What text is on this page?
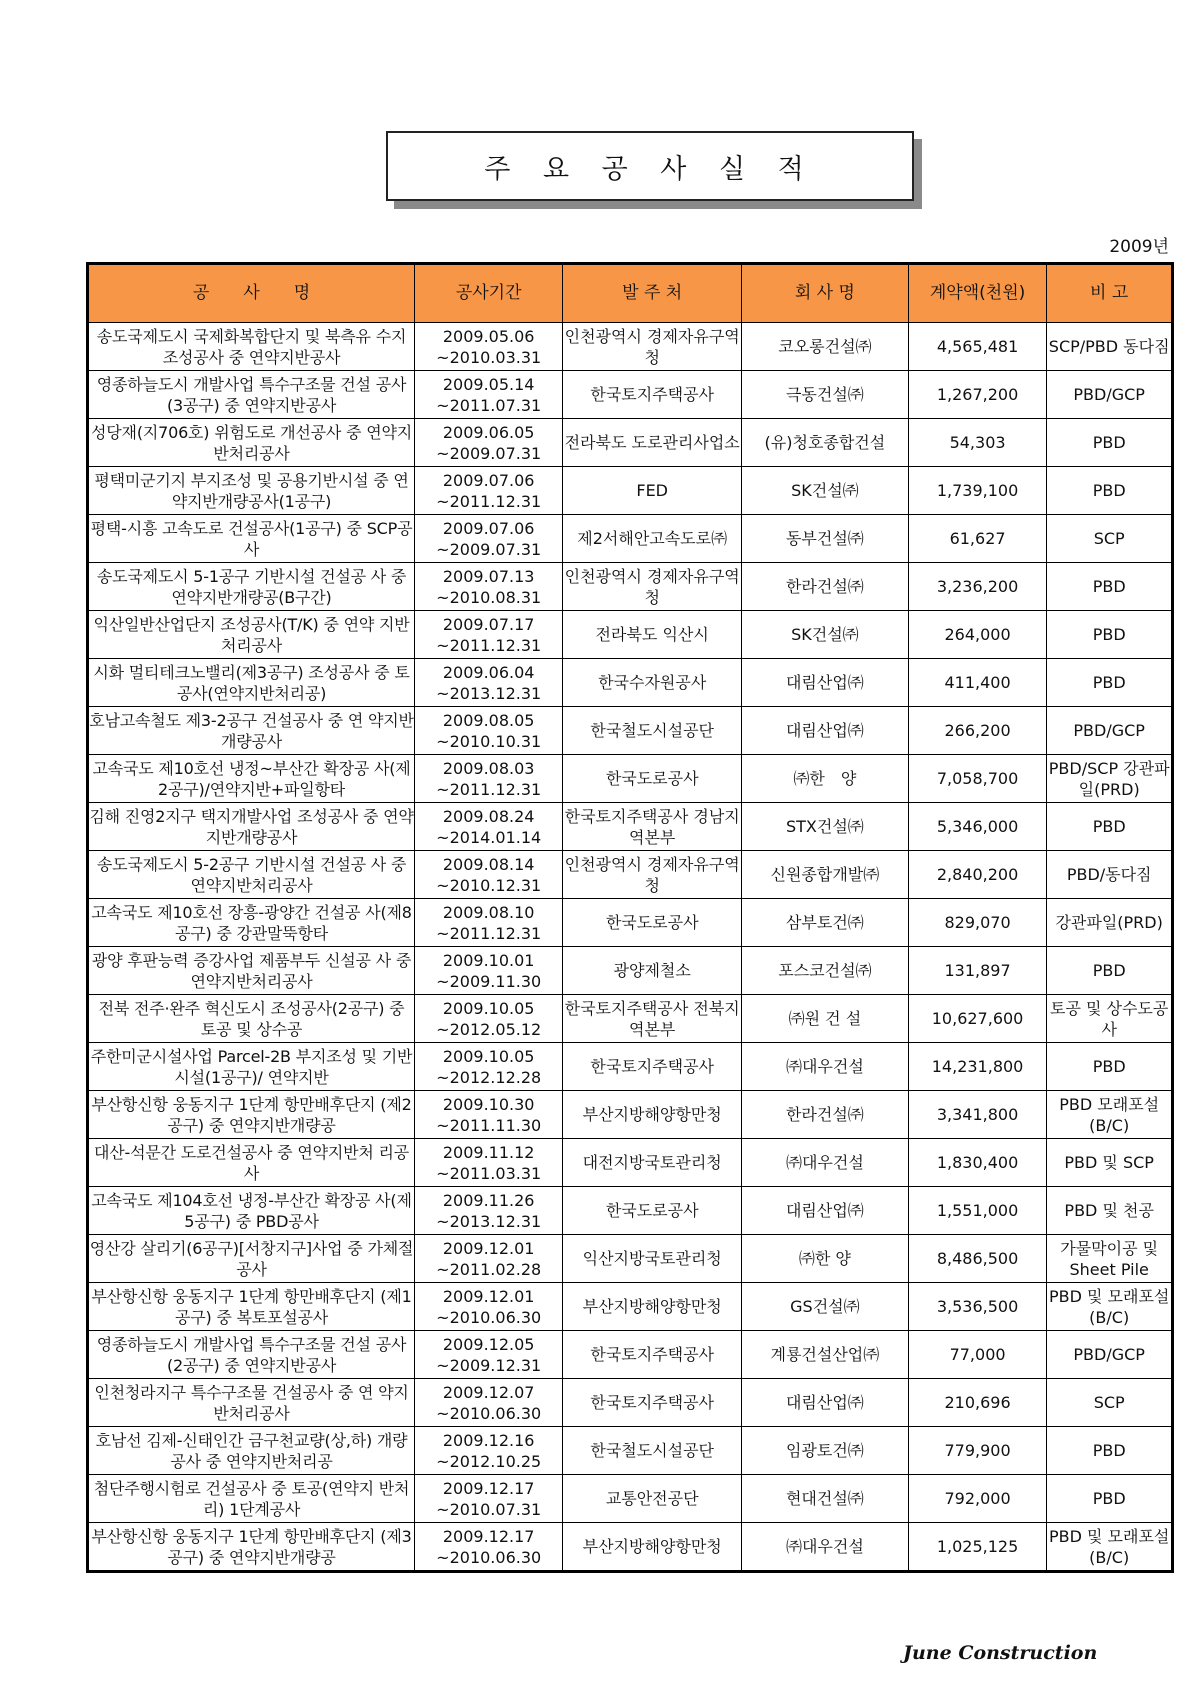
주 요 공 사 실 적
2009년
공　　사　　명	공사기간	발 주 처	회 사 명	계약액(천원)	비 고
송도국제도시 국제화복합단지 및 북측유 수지 조성공사 중 연약지반공사	2009.05.06 ~2010.03.31	인천광역시 경제자유구역청	코오롱건설㈜	4,565,481	SCP/PBD 동다짐
영종하늘도시 개발사업 특수구조물 건설 공사(3공구) 중 연약지반공사	2009.05.14 ~2011.07.31	한국토지주택공사	극동건설㈜	1,267,200	PBD/GCP
성당재(지706호) 위험도로 개선공사 중 연약지반처리공사	2009.06.05 ~2009.07.31	전라북도 도로관리사업소	(유)청호종합건설	54,303	PBD
평택미군기지 부지조성 및 공용기반시설 중 연약지반개량공사(1공구)	2009.07.06 ~2011.12.31	FED	SK건설㈜	1,739,100	PBD
평택-시흥 고속도로 건설공사(1공구) 중 SCP공사	2009.07.06 ~2009.07.31	제2서해안고속도로㈜	동부건설㈜	61,627	SCP
송도국제도시 5-1공구 기반시설 건설공 사 중 연약지반개량공(B구간)	2009.07.13 ~2010.08.31	인천광역시 경제자유구역청	한라건설㈜	3,236,200	PBD
익산일반산업단지 조성공사(T/K) 중 연약 지반처리공사	2009.07.17 ~2011.12.31	전라북도 익산시	SK건설㈜	264,000	PBD
시화 멀티테크노밸리(제3공구) 조성공사 중 토공사(연약지반처리공)	2009.06.04 ~2013.12.31	한국수자원공사	대림산업㈜	411,400	PBD
호남고속철도 제3-2공구 건설공사 중 연 약지반개량공사	2009.08.05 ~2010.10.31	한국철도시설공단	대림산업㈜	266,200	PBD/GCP
고속국도 제10호선 냉정~부산간 확장공 사(제2공구)/연약지반+파일항타	2009.08.03 ~2011.12.31	한국도로공사	㈜한　양	7,058,700	PBD/SCP 강관파일(PRD)
김해 진영2지구 택지개발사업 조성공사 중 연약지반개량공사	2009.08.24 ~2014.01.14	한국토지주택공사 경남지역본부	STX건설㈜	5,346,000	PBD
송도국제도시 5-2공구 기반시설 건설공 사 중 연약지반처리공사	2009.08.14 ~2010.12.31	인천광역시 경제자유구역청	신원종합개발㈜	2,840,200	PBD/동다짐
고속국도 제10호선 장흥-광양간 건설공 사(제8공구) 중 강관말뚝항타	2009.08.10 ~2011.12.31	한국도로공사	삼부토건㈜	829,070	강관파일(PRD)
광양 후판능력 증강사업 제품부두 신설공 사 중 연약지반처리공사	2009.10.01 ~2009.11.30	광양제철소	포스코건설㈜	131,897	PBD
전북 전주·완주 혁신도시 조성공사(2공구) 중 토공 및 상수공	2009.10.05 ~2012.05.12	한국토지주택공사 전북지역본부	㈜원 건 설	10,627,600	토공 및 상수도공사
주한미군시설사업 Parcel-2B 부지조성 및 기반시설(1공구)/ 연약지반	2009.10.05 ~2012.12.28	한국토지주택공사	㈜대우건설	14,231,800	PBD
부산항신항 웅동지구 1단계 항만배후단지 (제2공구) 중 연약지반개량공	2009.10.30 ~2011.11.30	부산지방해양항만청	한라건설㈜	3,341,800	PBD 모래포설(B/C)
대산-석문간 도로건설공사 중 연약지반처 리공사	2009.11.12 ~2011.03.31	대전지방국토관리청	㈜대우건설	1,830,400	PBD 및 SCP
고속국도 제104호선 냉정-부산간 확장공 사(제5공구) 중 PBD공사	2009.11.26 ~2013.12.31	한국도로공사	대림산업㈜	1,551,000	PBD 및 천공
영산강 살리기(6공구)[서창지구]사업 중 가체절공사	2009.12.01 ~2011.02.28	익산지방국토관리청	㈜한 양	8,486,500	가물막이공 및 Sheet Pile
부산항신항 웅동지구 1단계 항만배후단지 (제1공구) 중 복토포설공사	2009.12.01 ~2010.06.30	부산지방해양항만청	GS건설㈜	3,536,500	PBD 및 모래포설(B/C)
영종하늘도시 개발사업 특수구조물 건설 공사(2공구) 중 연약지반공사	2009.12.05 ~2009.12.31	한국토지주택공사	계룡건설산업㈜	77,000	PBD/GCP
인천청라지구 특수구조물 건설공사 중 연 약지반처리공사	2009.12.07 ~2010.06.30	한국토지주택공사	대림산업㈜	210,696	SCP
호남선 김제-신태인간 금구천교량(상,하) 개량공사 중 연약지반처리공	2009.12.16 ~2012.10.25	한국철도시설공단	임광토건㈜	779,900	PBD
첨단주행시험로 건설공사 중 토공(연약지 반처리) 1단계공사	2009.12.17 ~2010.07.31	교통안전공단	현대건설㈜	792,000	PBD
부산항신항 웅동지구 1단계 항만배후단지 (제3공구) 중 연약지반개량공	2009.12.17 ~2010.06.30	부산지방해양항만청	㈜대우건설	1,025,125	PBD 및 모래포설(B/C)
June Construction
